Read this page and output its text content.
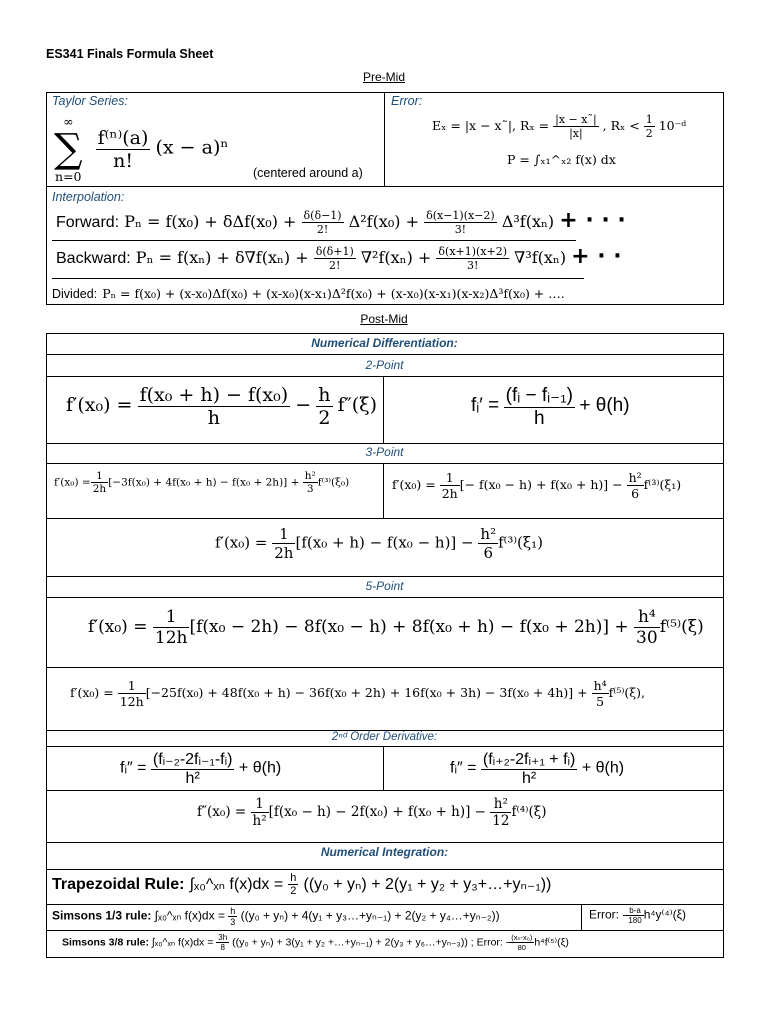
ES341 Finals Formula Sheet
Pre-Mid
Taylor Series:
∞
∑
n=0

$\frac{\text{f⁽ⁿ⁾(a)}}{n!} (x - a)^n$
(centered around a)
Error:
Eₓ = |x − x˜|, $R_x = \frac{|x - x˜|}{|x|}$ , $R_x < \frac{1}{2}$ 10⁻ᵈ
P = ∫ₓ₁^ₓ₂ f(x) dx
Interpolation:
Forward: $P_n = f(x_0) + \delta\Delta f(x_0) + \frac{\delta(\delta-1)}{2!} \Delta^2f(x_0) + \frac{\delta(x-1)(x-2)}{3!} \Delta^3f(x_n)$ + · · ·
Backward: $P_n = f(x_n) + \delta\nabla f(x_n) + \frac{\delta(\delta+1)}{2!} \nabla^2f(x_n) + \frac{\delta(x+1)(x+2)}{3!} \nabla^3f(x_n)$ + · ·
Divided: Pₙ = f(x₀) + (x-x₀)Δf(x₀) + (x-x₀)(x-x₁)Δ²f(x₀) + (x-x₀)(x-x₁)(x-x₂)Δ³f(x₀) + ….
Post-Mid
Numerical Differentiation:
2-Point
$f'(x_0) = \frac{\text{f(x₀ + h) − f(x₀)}}{h} - \frac{h}{2} f''(\xi)$	fᵢ′ = $\frac{\text{(fᵢ − fᵢ₋₁)}}{h} + \theta(h)$
3-Point
$f'(x_0) = \frac{1}{2h} [-3f(x_0) + 4f(x_0 + h) - f(x_0 + 2h)] + \frac{\text{h²}}{3} f^{(3)}(\xi_0)$	$f'(x_0) = \frac{1}{2h}$ [− $f(x_0 - h) + f(x_0 + h)] - \frac{\text{h²}}{6} f^{(3)}(\xi_1)$
$f'(x_0) = \frac{1}{2h} [f(x_0 + h) - f(x_0 - h)] - \frac{\text{h²}}{6} f^{(3)}(\xi_1)$
5-Point
$f'(x_0) = \frac{1}{12h} [f(x_0 - 2h) - 8f(x_0 - h) + 8f(x_0 + h) - f(x_0 + 2h)] + \frac{\text{h⁴}}{30} f^{(5)}(\xi)$
$f'(x_0) = \frac{1}{12h} [-25f(x_0) + 48f(x_0 + h) - 36f(x_0 + 2h) + 16f(x_0 + 3h) - 3f(x_0 + 4h)] + \frac{\text{h⁴}}{5} f^{(5)}(\xi)$,
2ⁿᵈ Order Derivative:
fᵢ″ = $\frac{\text{(fᵢ₋₂-2fᵢ₋₁-fᵢ)}}{\text{h²}} + \theta(h)$	fᵢ″ = $\frac{\text{(fᵢ₊₂-2fᵢ₊₁ + fᵢ)}}{\text{h²}} + \theta(h)$
$f''(x_0) = \frac{1}{\text{h²}} [f(x_0 - h) - 2f(x_0) + f(x_0 + h)] - \frac{\text{h²}}{12} f^{(4)}(\xi)$
Numerical Integration:
Trapezoidal Rule: ∫ₓ₀^ₓₙ $f(x)dx = \frac{h}{2} ((y_0 + y_n) + 2(y_1 + y_2$ + y₃+…+yₙ₋₁))
Simsons 1/3 rule: ∫ₓ₀^ₓₙ $f(x)dx = \frac{h}{3} ((y_0 + y_n) + 4(y_1$ + y₃…+yₙ₋₁) + 2(y₂ + y₄…+yₙ₋₂))	Error: - $\frac{b-a}{180} h^4y^{(4)}(\xi)$
Simsons 3/8 rule: ∫ₓ₀^ₓₙ $f(x)dx = \frac{3h}{8} ((y_0 + y_n) + 3(y_1 + y_2$ +…+yₙ₋₁) + 2(y₃ + y₆…+yₙ₋₃)) ; Error: - $\frac{\text{(xₙ-x₀)}}{80} h^4f^{(5)}(\xi)$
